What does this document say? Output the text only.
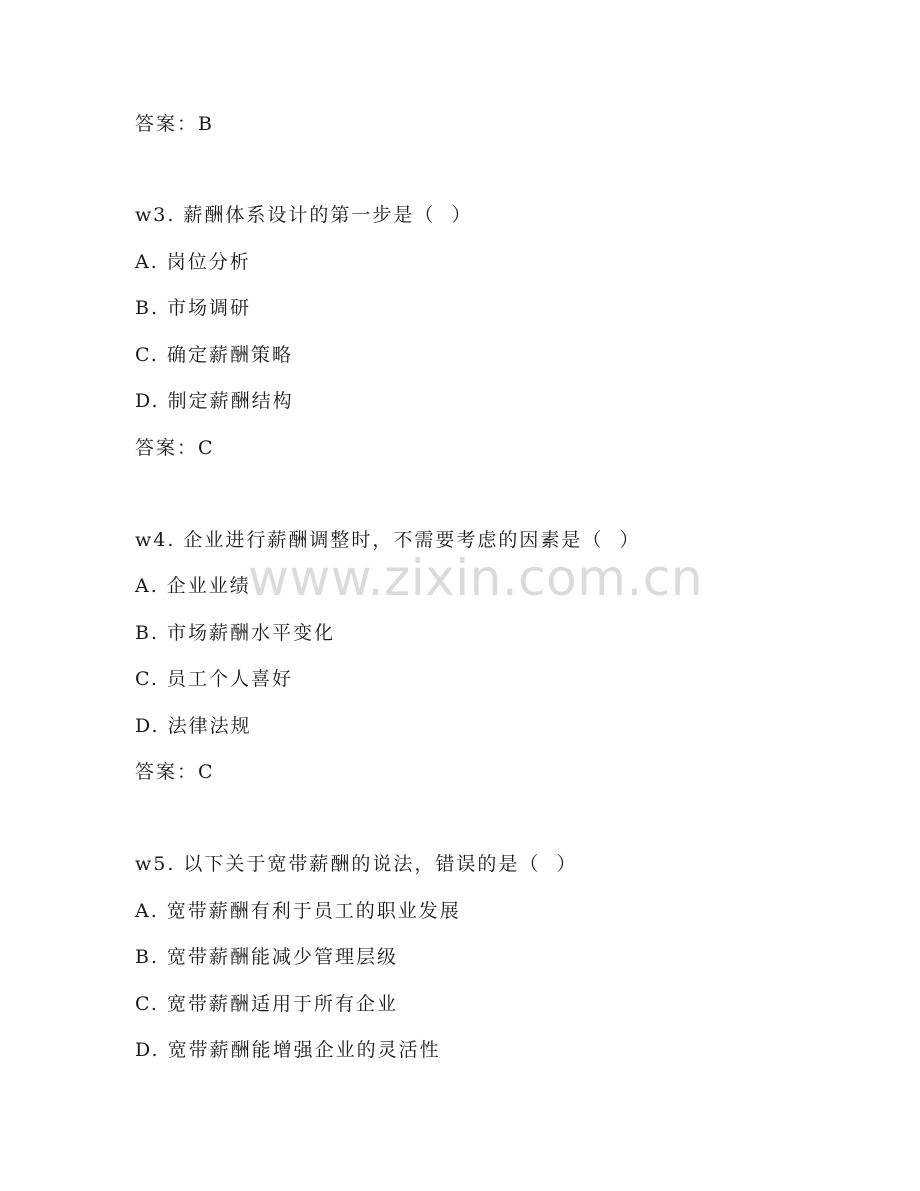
答案：B
w3. 薪酬体系设计的第一步是（  ）
A. 岗位分析
B. 市场调研
C. 确定薪酬策略
D. 制定薪酬结构
答案：C
w4. 企业进行薪酬调整时，不需要考虑的因素是（  ）
A. 企业业绩
B. 市场薪酬水平变化
C. 员工个人喜好
D. 法律法规
答案：C
w5. 以下关于宽带薪酬的说法，错误的是（  ）
A. 宽带薪酬有利于员工的职业发展
B. 宽带薪酬能减少管理层级
C. 宽带薪酬适用于所有企业
D. 宽带薪酬能增强企业的灵活性
www.zixin.com.cn
